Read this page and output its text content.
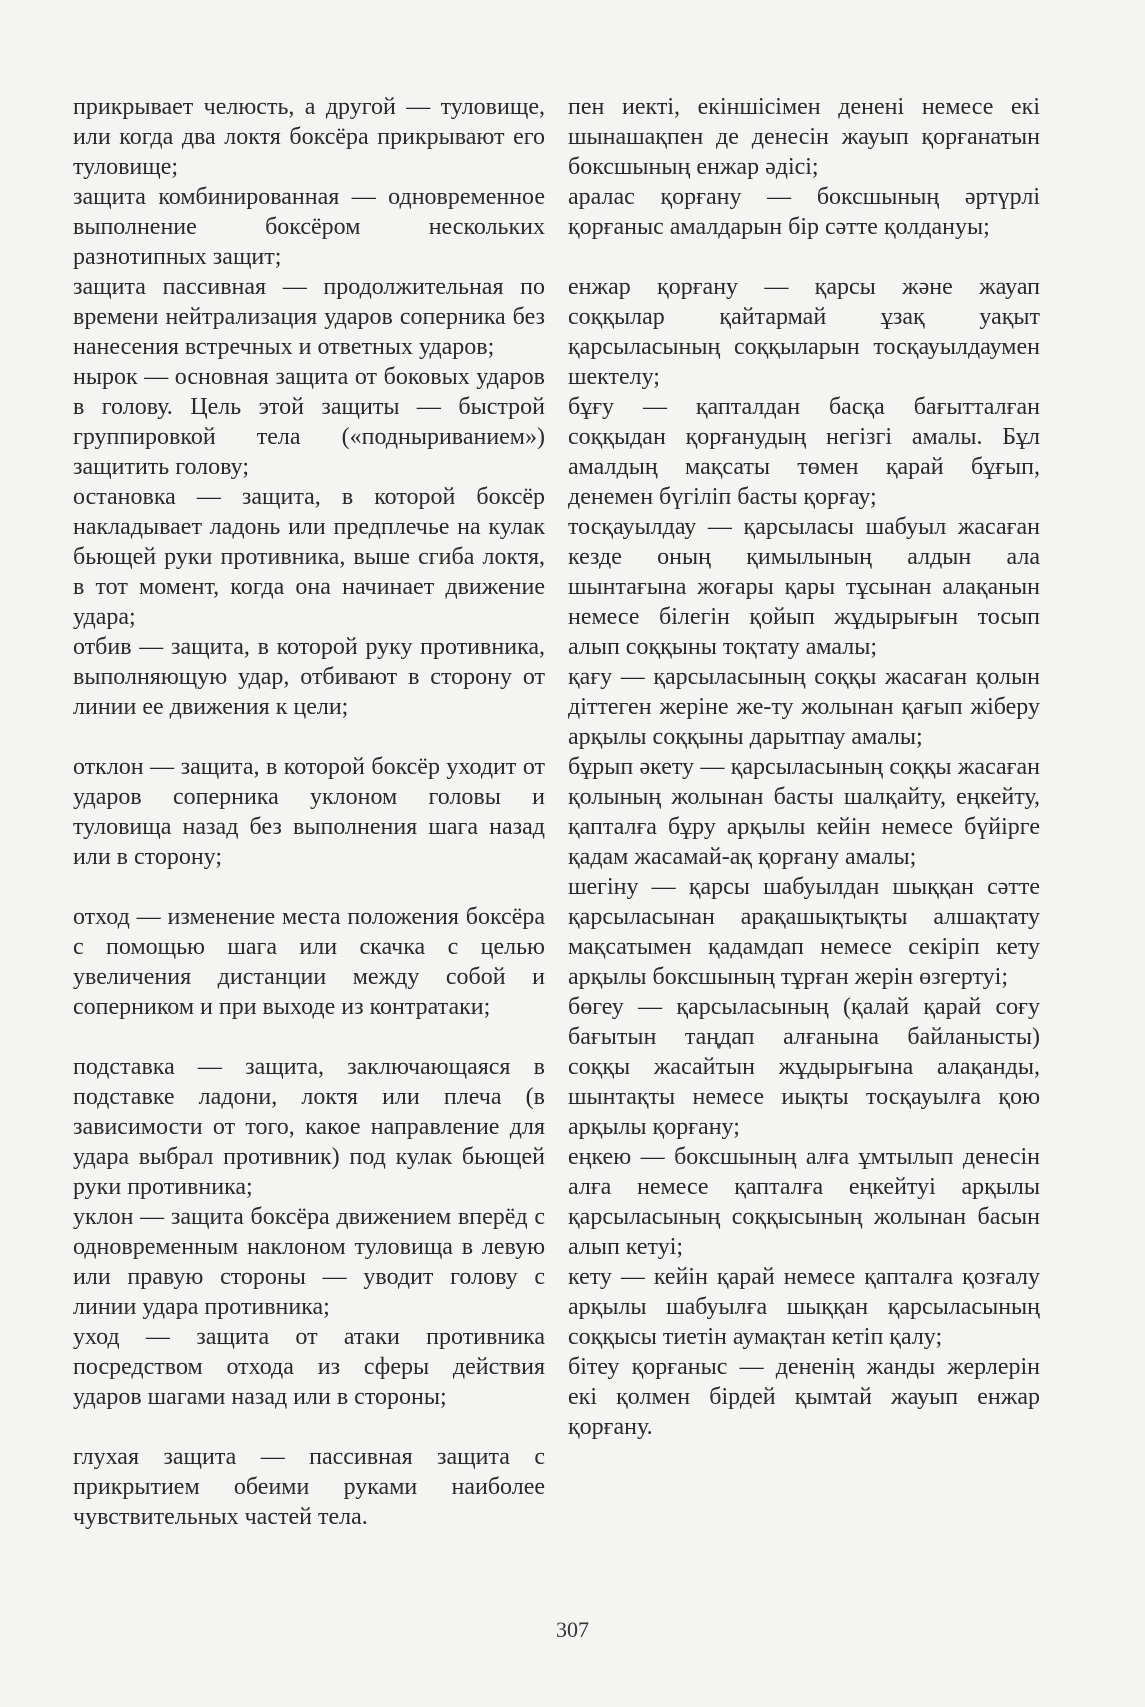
прикрывает челюсть, а другой — туловище, или когда два локтя боксёра прикрывают его туловище;

защита комбинированная — одновременное выполнение боксёром нескольких разнотипных защит;

защита пассивная — продолжительная по времени нейтрализация ударов соперника без нанесения встречных и ответных ударов;

нырок — основная защита от боковых ударов в голову. Цель этой защиты — быстрой группировкой тела («подныриванием») защитить голову;

остановка — защита, в которой боксёр накладывает ладонь или предплечье на кулак бьющей руки противника, выше сгиба локтя, в тот момент, когда она начинает движение удара;

отбив — защита, в которой руку противника, выполняющую удар, отбивают в сторону от линии ее движения к цели;

отклон — защита, в которой боксёр уходит от ударов соперника уклоном головы и туловища назад без выполнения шага назад или в сторону;

отход — изменение места положения боксёра с помощью шага или скачка с целью увеличения дистанции между собой и соперником и при выходе из контратаки;

подставка — защита, заключающаяся в подставке ладони, локтя или плеча (в зависимости от того, какое направление для удара выбрал противник) под кулак бьющей руки противника;

уклон — защита боксёра движением вперёд с одновременным наклоном туловища в левую или правую стороны — уводит голову с линии удара противника;

уход — защита от атаки противника посредством отхода из сферы действия ударов шагами назад или в стороны;

глухая защита — пассивная защита с прикрытием обеими руками наиболее чувствительных частей тела.

пен иекті, екіншісімен денені немесе екі шынашақпен де денесін жауып қорғанатын боксшының енжар әдісі;

аралас қорғану — боксшының әртүрлі қорғаныс амалдарын бір сәтте қолдануы;

енжар қорғану — қарсы және жауап соққылар қайтармай ұзақ уақыт қарсыласының соққыларын тосқауылдаумен шектелу;

бұғу — қапталдан басқа бағытталған соққыдан қорғанудың негізгі амалы. Бұл амалдың мақсаты төмен қарай бұғып, денемен бүгіліп басты қорғау;

тосқауылдау — қарсыласы шабуыл жасаған кезде оның қимылының алдын ала шынтағына жоғары қары тұсынан алақанын немесе білегін қойып жұдырығын тосып алып соққыны тоқтату амалы;

қағу — қарсыласының соққы жасаған қолын діттеген жеріне же-ту жолынан қағып жіберу арқылы соққыны дарытпау амалы;

бұрып әкету — қарсыласының соққы жасаған қолының жолынан басты шалқайту, еңкейту, қапталға бұру арқылы кейін немесе бүйірге қадам жасамай-ақ қорғану амалы;

шегіну — қарсы шабуылдан шыққан сәтте қарсыласынан арақашықтықты алшақтату мақсатымен қадамдап немесе секіріп кету арқылы боксшының тұрған жерін өзгертуі;

бөгеу — қарсыласының (қалай қарай соғу бағытын таңдап алғанына байланысты) соққы жасайтын жұдырығына алақанды, шынтақты немесе иықты тосқауылға қою арқылы қорғану;

еңкею — боксшының алға ұмтылып денесін алға немесе қапталға еңкейтуі арқылы қарсыласының соққысының жолынан басын алып кетуі;

кету — кейін қарай немесе қапталға қозғалу арқылы шабуылға шыққан қарсыласының соққысы тиетін аумақтан кетіп қалу;

бітеу қорғаныс — дененің жанды жерлерін екі қолмен бірдей қымтай жауып енжар қорғану.

307
